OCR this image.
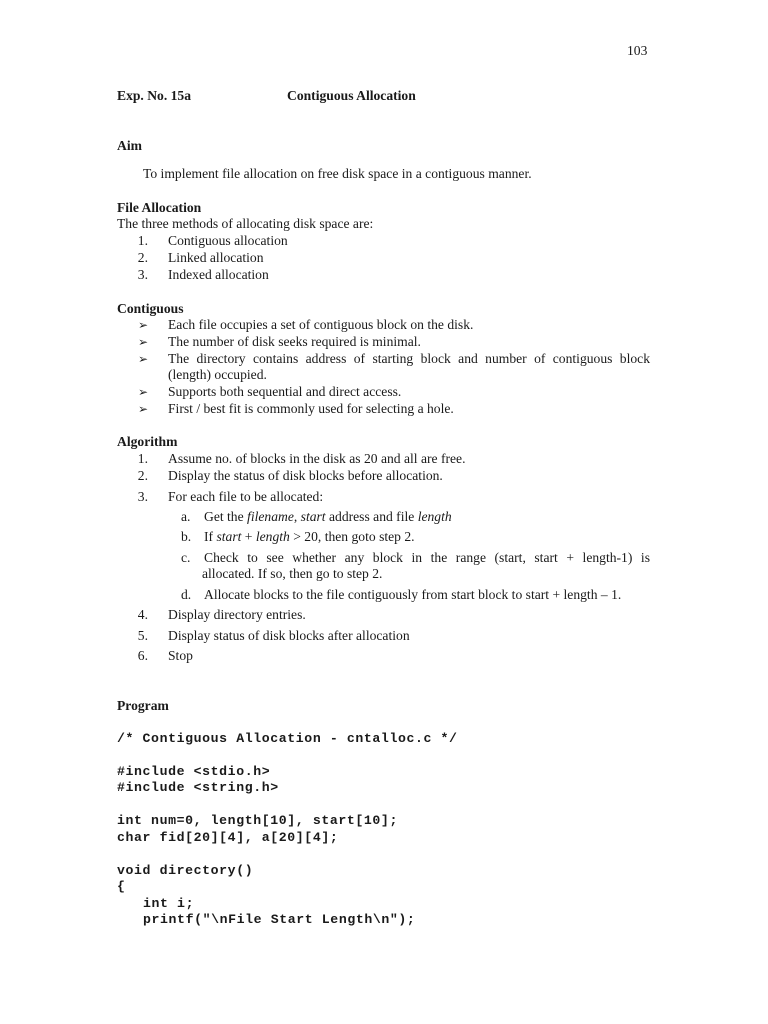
103
Exp. No. 15a	Contiguous Allocation
Aim
To implement file allocation on free disk space in a contiguous manner.
File Allocation
The three methods of allocating disk space are:
1. Contiguous allocation
2. Linked allocation
3. Indexed allocation
Contiguous
➢ Each file occupies a set of contiguous block on the disk.
➢ The number of disk seeks required is minimal.
➢ The directory contains address of starting block and number of contiguous block
(length) occupied.
➢ Supports both sequential and direct access.
➢ First / best fit is commonly used for selecting a hole.
Algorithm
1. Assume no. of blocks in the disk as 20 and all are free.
2. Display the status of disk blocks before allocation.
3. For each file to be allocated:
a. Get the filename, start address and file length
b. If start + length > 20, then goto step 2.
c. Check to see whether any block in the range (start, start + length-1) is
allocated. If so, then go to step 2.
d. Allocate blocks to the file contiguously from start block to start + length – 1.
4. Display directory entries.
5. Display status of disk blocks after allocation
6. Stop
Program
/* Contiguous Allocation - cntalloc.c */
#include <stdio.h>
#include <string.h>
int num=0, length[10], start[10];
char fid[20][4], a[20][4];
void directory()
{
int i;
printf("\nFile Start Length\n");
